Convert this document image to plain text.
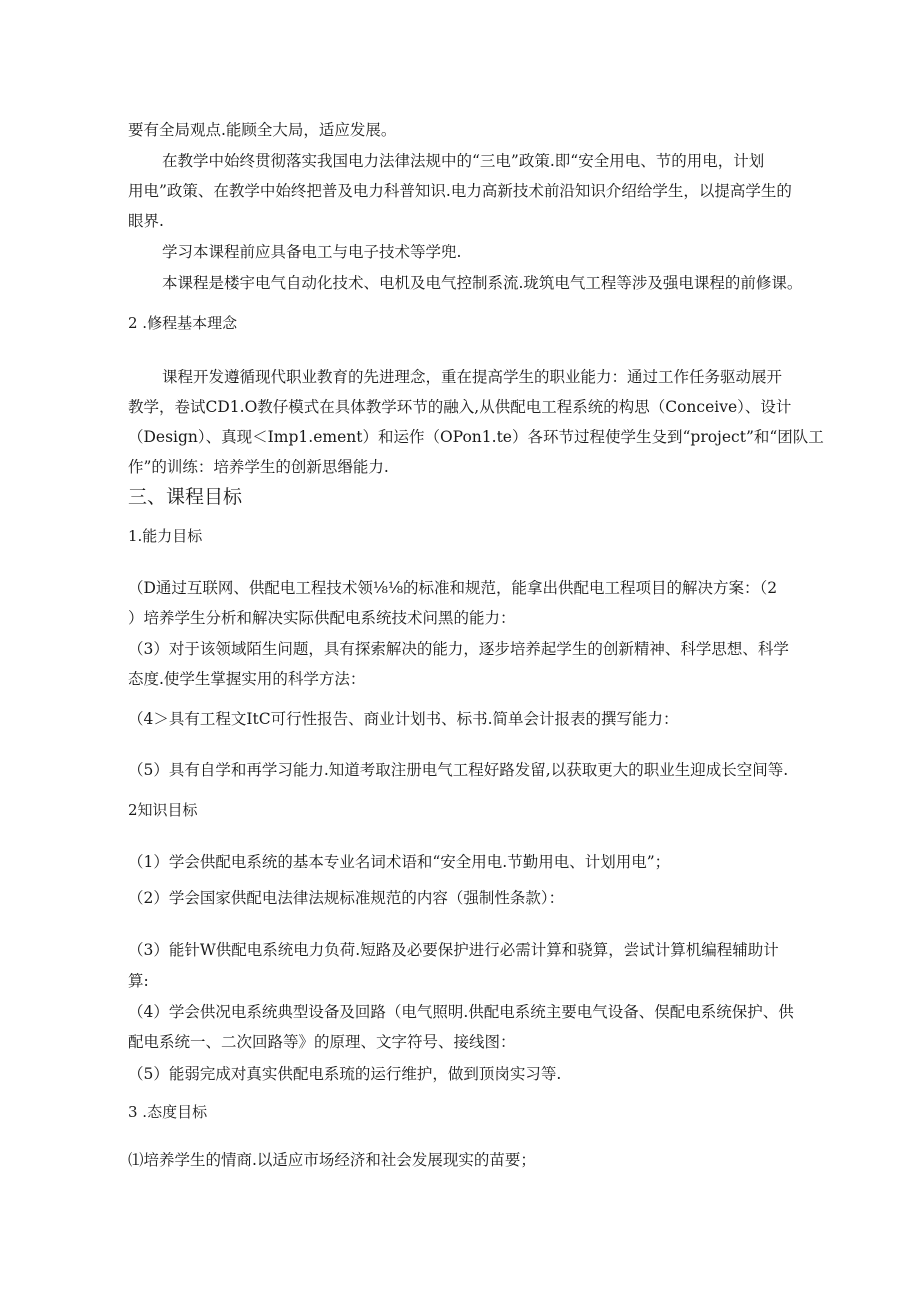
要有全局观点.能顾全大局，适应发展。
在教学中始终贯彻落实我国电力法律法规中的“三电”政策.即“安全用电、节的用电，计划
用电”政策、在教学中始终把普及电力科普知识.电力高新技术前沿知识介绍给学生，以提高学生的
眼界.
学习本课程前应具备电工与电子技术等学兜.
本课程是楼宇电气自动化技术、电机及电气控制系流.珑筑电气工程等涉及强电课程的前修课。
2 .修程基本理念
课程开发遵循现代职业教育的先进理念，重在提高学生的职业能力：通过工作任务驱动展开
教学，卷试CD1.O教仔模式在具体教学环节的融入,从供配电工程系统的构思（Conceive）、设计
（Design）、真现＜Imp1.ement）和运作（OPon1.te）各环节过程使学生殳到“project”和“团队工
作”的训练：培养学生的创新思缗能力.
三、课程目标
1.能力目标
（D通过互联网、供配电工程技术领⅛⅛的标准和规范，能拿出供配电工程项目的解决方案：（2
）培养学生分析和解决实际供配电系统技术问黑的能力：
（3）对于该领域陌生问题，具有探索解决的能力，逐步培养起学生的创新精神、科学思想、科学
态度.使学生掌握实用的科学方法：
（4＞具有工程文ItC可行性报告、商业计划书、标书.简单会计报表的撰写能力：
（5）具有自学和再学习能力.知道考取注册电气工程好路发留,以获取更大的职业生迎成长空间等.
2知识目标
（1）学会供配电系统的基本专业名词术语和“安全用电.节勤用电、计划用电”；
（2）学会国家供配电法律法规标准规范的内容（强制性条款）：
（3）能针W供配电系统电力负荷.短路及必要保护进行必需计算和骁算，尝试计算机编程辅助计
算:
（4）学会供况电系统典型设备及回路（电气照明.供配电系统主要电气设备、俣配电系统保护、供
配电系统一、二次回路等》的原理、文字符号、接线图：
（5）能弱完成对真实供配电系琉的运行维护，做到顶岗实习等.
3 .态度目标
⑴培养学生的情商.以适应市场经济和社会发展现实的苗要；
